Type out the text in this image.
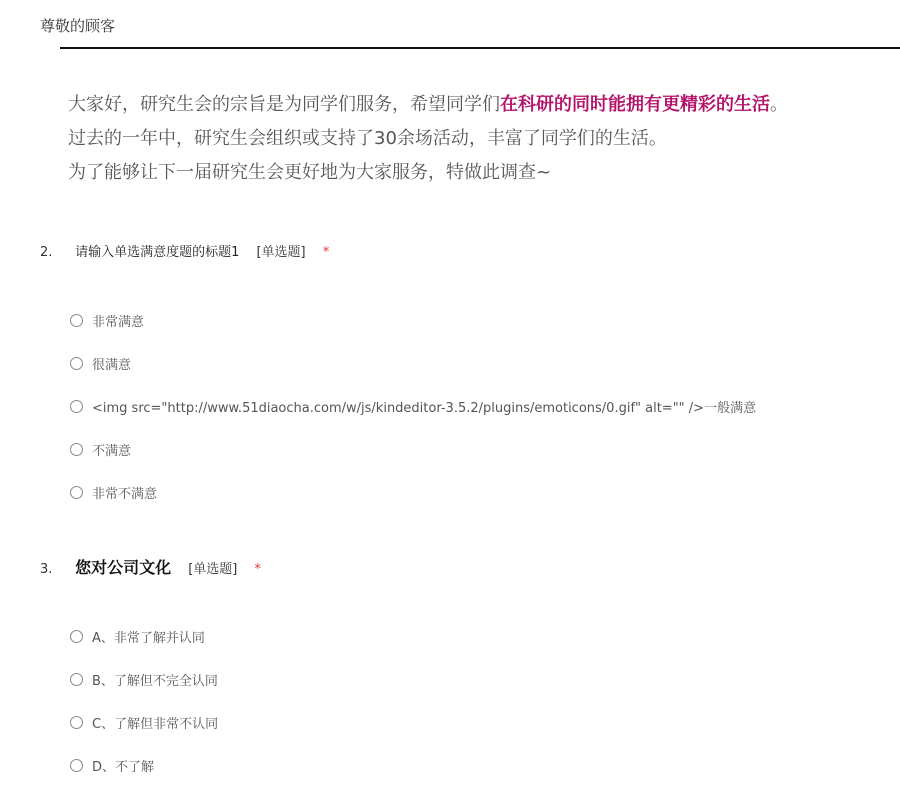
尊敬的顾客
大家好，研究生会的宗旨是为同学们服务，希望同学们在科研的同时能拥有更精彩的生活。
过去的一年中，研究生会组织或支持了30余场活动，丰富了同学们的生活。
为了能够让下一届研究生会更好地为大家服务，特做此调查~
2. 请输入单选满意度题的标题1 [单选题] *
非常满意
很满意
<img src="http://www.51diaocha.com/w/js/kindeditor-3.5.2/plugins/emoticons/0.gif" alt="" />一般满意
不满意
非常不满意
3. 您对公司文化 [单选题] *
A、非常了解并认同
B、了解但不完全认同
C、了解但非常不认同
D、不了解
